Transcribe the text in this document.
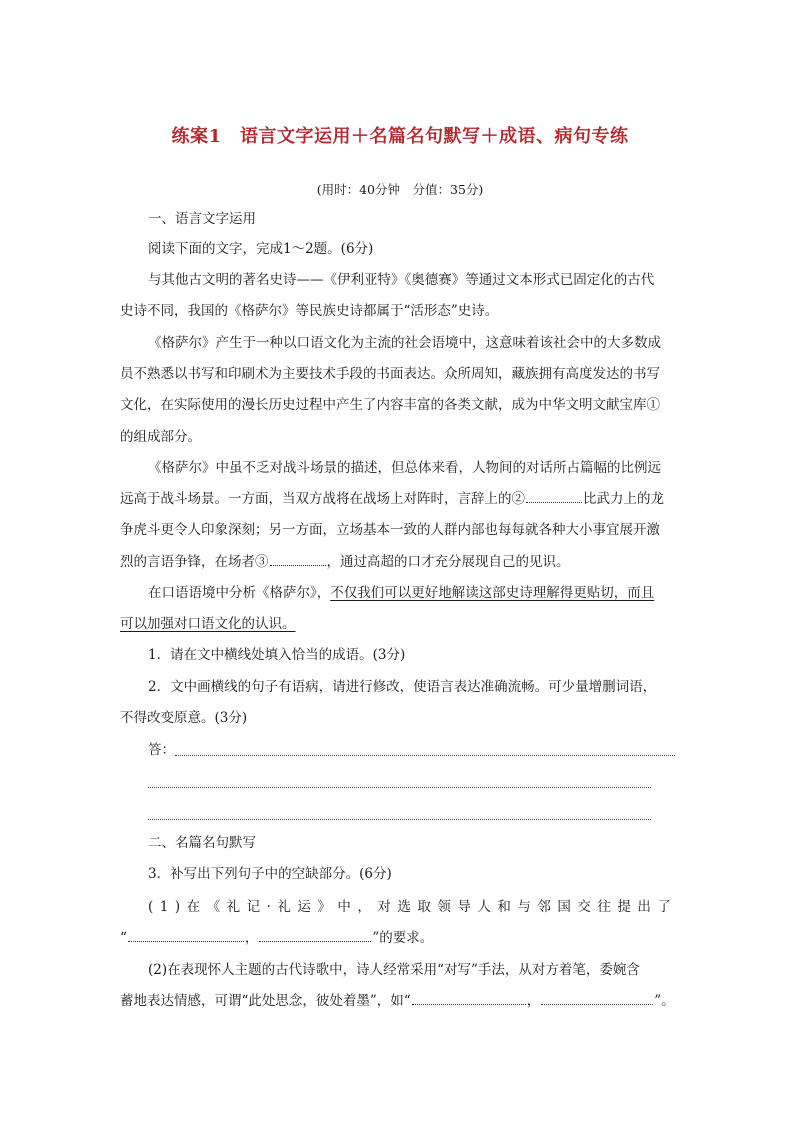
练案1　语言文字运用＋名篇名句默写＋成语、病句专练
(用时：40分钟　分值：35分)
一、语言文字运用
阅读下面的文字，完成1～2题。(6分)
与其他古文明的著名史诗——《伊利亚特》《奥德赛》等通过文本形式已固定化的古代
史诗不同，我国的《格萨尔》等民族史诗都属于“活形态”史诗。
《格萨尔》产生于一种以口语文化为主流的社会语境中，这意味着该社会中的大多数成
员不熟悉以书写和印刷术为主要技术手段的书面表达。众所周知，藏族拥有高度发达的书写
文化，在实际使用的漫长历史过程中产生了内容丰富的各类文献，成为中华文明文献宝库①
的组成部分。
《格萨尔》中虽不乏对战斗场景的描述，但总体来看，人物间的对话所占篇幅的比例远
远高于战斗场景。一方面，当双方战将在战场上对阵时，言辞上的②	比武力上的龙
争虎斗更令人印象深刻；另一方面，立场基本一致的人群内部也每每就各种大小事宜展开激
烈的言语争锋，在场者③	，通过高超的口才充分展现自己的见识。
在口语语境中分析《格萨尔》，不仅我们可以更好地解读这部史诗理解得更贴切，而且
可以加强对口语文化的认识。
1．请在文中横线处填入恰当的成语。(3分)
2．文中画横线的句子有语病，请进行修改，使语言表达准确流畅。可少量增删词语，
不得改变原意。(3分)
答：
二、名篇名句默写
3．补写出下列句子中的空缺部分。(6分)
(1)在《礼记·礼运》中，对选取领导人和与邻国交往提出了
“	，	”的要求。
(2)在表现怀人主题的古代诗歌中，诗人经常采用“对写”手法，从对方着笔，委婉含
蓄地表达情感，可谓“此处思念，彼处着墨”，如“	，	”。
